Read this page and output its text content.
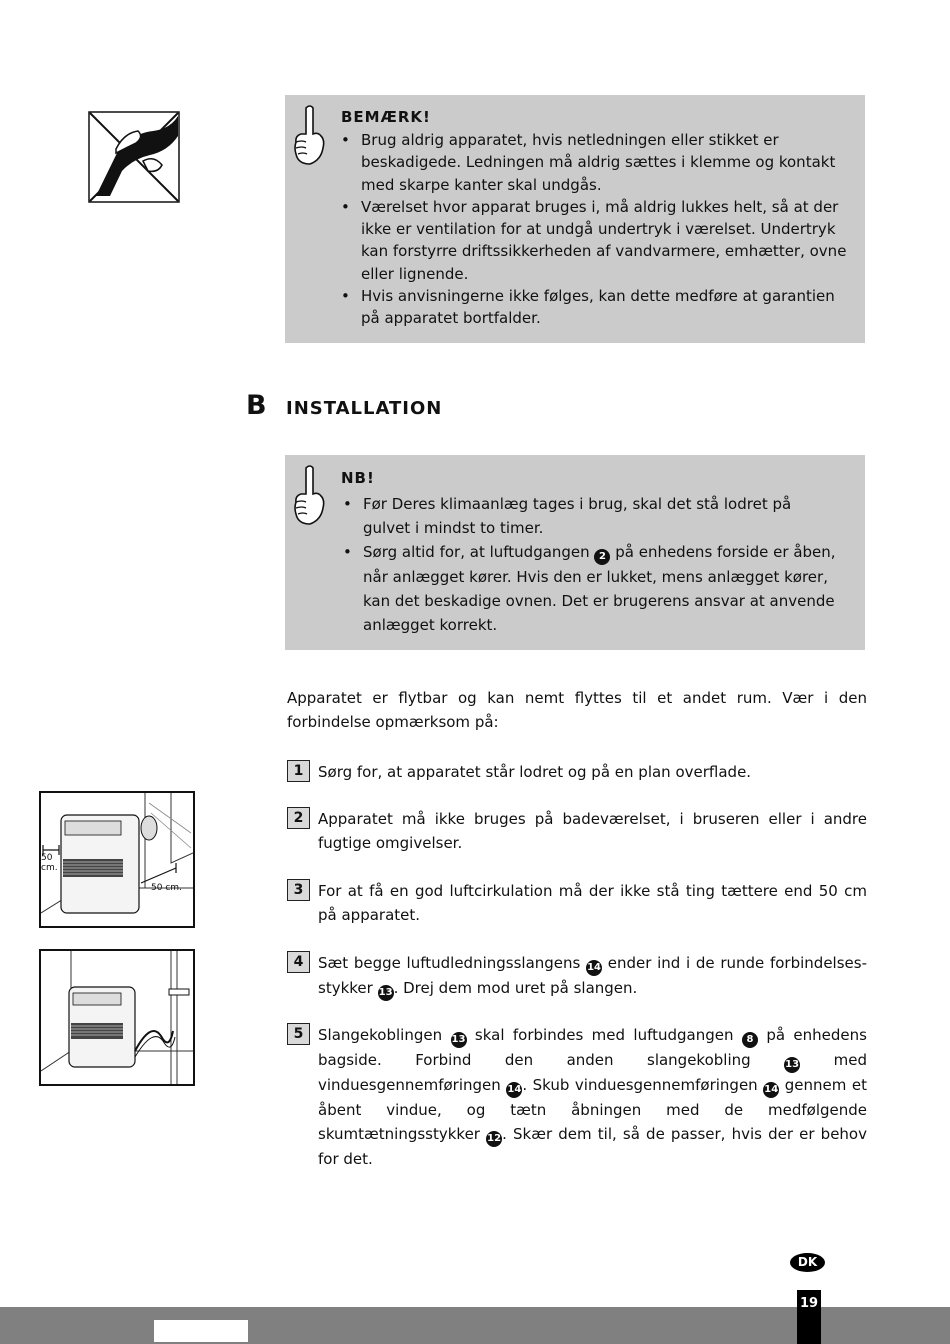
BEMÆRK!
• Brug aldrig apparatet, hvis netledningen eller stikket er beskadigede. Ledningen må aldrig sættes i klemme og kontakt med skarpe kanter skal undgås.
• Værelset hvor apparat bruges i, må aldrig lukkes helt, så at der ikke er ventilation for at undgå undertryk i værelset. Undertryk kan forstyrre driftssikkerheden af vandvarmere, emhætter, ovne eller lignende.
• Hvis anvisningerne ikke følges, kan dette medføre at garantien på apparatet bortfalder.
B INSTALLATION
NB!
• Før Deres klimaanlæg tages i brug, skal det stå lodret på gulvet i mindst to timer.
• Sørg altid for, at luftudgangen 2 på enhedens forside er åben, når anlægget kører. Hvis den er lukket, mens anlægget kører, kan det beskadige ovnen. Det er brugerens ansvar at anvende anlægget korrekt.
Apparatet er flytbar og kan nemt flyttes til et andet rum. Vær i den forbindelse opmærksom på:
1 Sørg for, at apparatet står lodret og på en plan overflade.
2 Apparatet må ikke bruges på badeværelset, i bruseren eller i andre fugtige omgivelser.
3 For at få en god luftcirkulation må der ikke stå ting tættere end 50 cm på apparatet.
4 Sæt begge luftudledningsslangens 14 ender ind i de runde forbindelses-stykker 13. Drej dem mod uret på slangen.
5 Slangekoblingen 13 skal forbindes med luftudgangen 8 på enhedens bagside. Forbind den anden slangekobling	13 med vinduesgennemføringen 14. Skub vinduesgennemføringen 14 gennem et åbent vindue, og tætn åbningen med de medfølgende skumtætningsstykker 12. Skær dem til, så de passer, hvis der er behov for det.
50 cm.
50 cm.
DK
19
